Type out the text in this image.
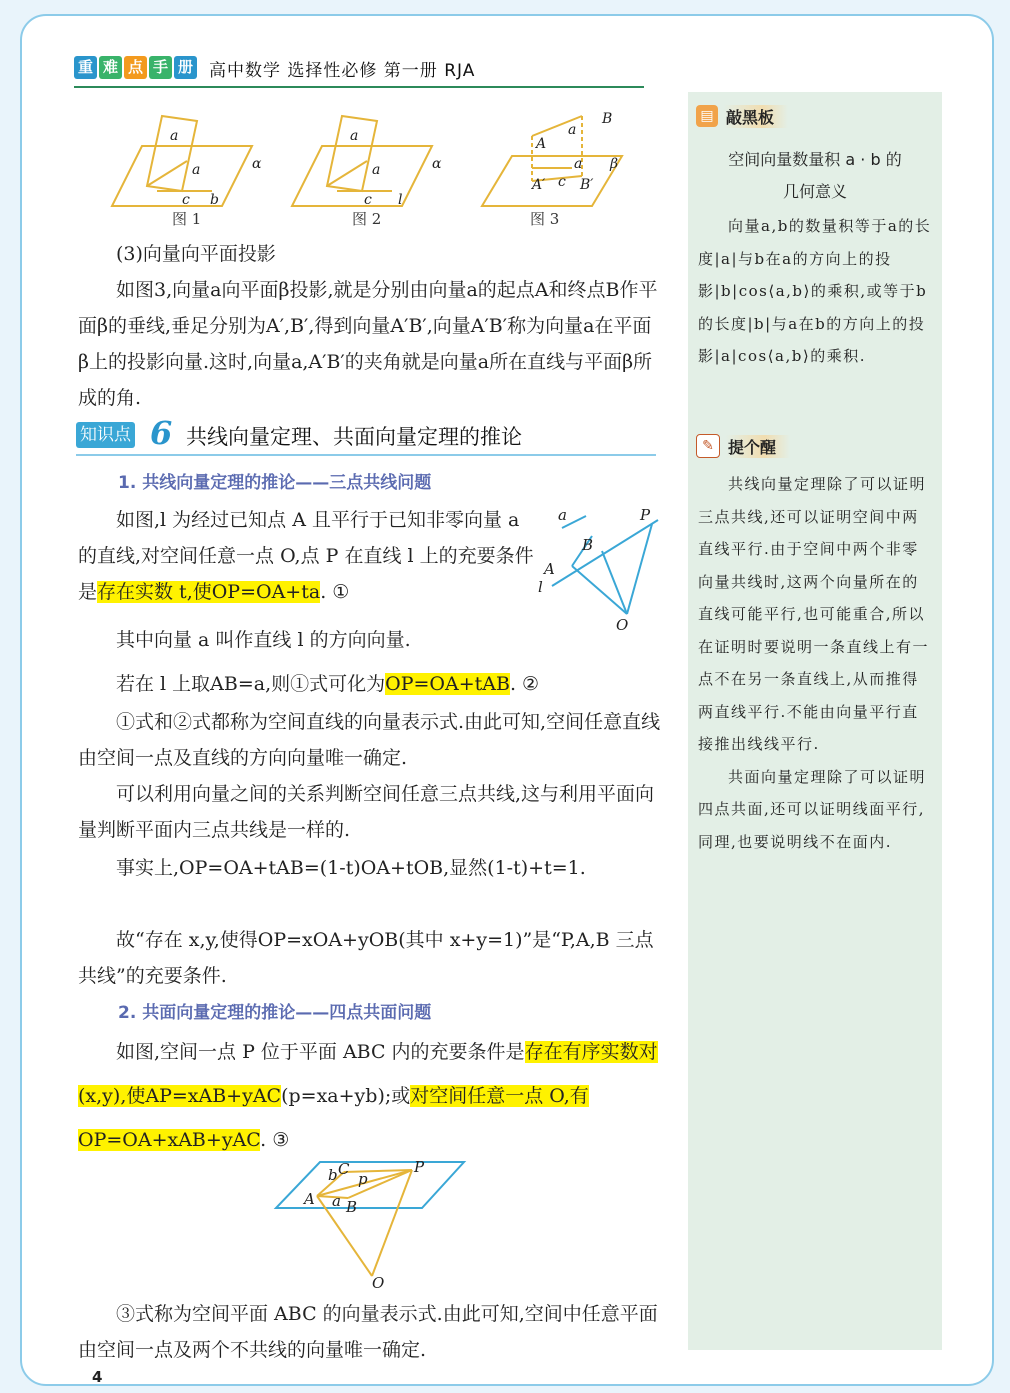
重 难 点 手 册 高中数学 选择性必修 第一册 RJA
a
a	α
c b
a
a	α
c l
A
a
B
a β
A′ c B′
图 1	图 2	图 3

(3)向量向平面投影

如图3,向量a向平面β投影,就是分别由向量a的起点A和终点B作平面β的垂线,垂足分别为A′,B′,得到向量A′B′,向量A′B′称为向量a在平面β上的投影向量.这时,向量a,A′B′的夹角就是向量a所在直线与平面β所成的角.

知识点 6 共线向量定理、共面向量定理的推论
1. 共线向量定理的推论——三点共线问题

如图,l 为经过已知点 A 且平行于已知非零向量 a 的直线,对空间任意一点 O,点 P 在直线 l 上的充要条件是存在实数 t,使OP=OA+ta. ①

a	P
B
A
l
O

其中向量 a 叫作直线 l 的方向向量.

若在 l 上取AB=a,则①式可化为OP=OA+tAB. ②

①式和②式都称为空间直线的向量表示式.由此可知,空间任意直线由空间一点及直线的方向向量唯一确定.

可以利用向量之间的关系判断空间任意三点共线,这与利用平面向量判断平面内三点共线是一样的.

事实上,OP=OA+tAB=(1-t)OA+tOB,显然(1-t)+t=1.

故“存在 x,y,使得OP=xOA+yOB(其中 x+y=1)”是“P,A,B 三点共线”的充要条件.

2. 共面向量定理的推论——四点共面问题

如图,空间一点 P 位于平面 ABC 内的充要条件是存在有序实数对(x,y),使AP=xAB+yAC(p=xa+yb);或对空间任意一点 O,有OP=OA+xAB+yAC. ③

b C
p
P
A a B
O

③式称为空间平面 ABC 的向量表示式.由此可知,空间中任意平面由空间一点及两个不共线的向量唯一确定.

▤ 敲黑板
空间向量数量积 a · b 的
几何意义

向量a,b的数量积等于a的长度|a|与b在a的方向上的投影|b|cos⟨a,b⟩的乘积,或等于b的长度|b|与a在b的方向上的投影|a|cos⟨a,b⟩的乘积.

✎ 提个醒

共线向量定理除了可以证明三点共线,还可以证明空间中两直线平行.由于空间中两个非零向量共线时,这两个向量所在的直线可能平行,也可能重合,所以在证明时要说明一条直线上有一点不在另一条直线上,从而推得两直线平行.不能由向量平行直接推出线线平行.

共面向量定理除了可以证明四点共面,还可以证明线面平行,同理,也要说明线不在面内.

4
